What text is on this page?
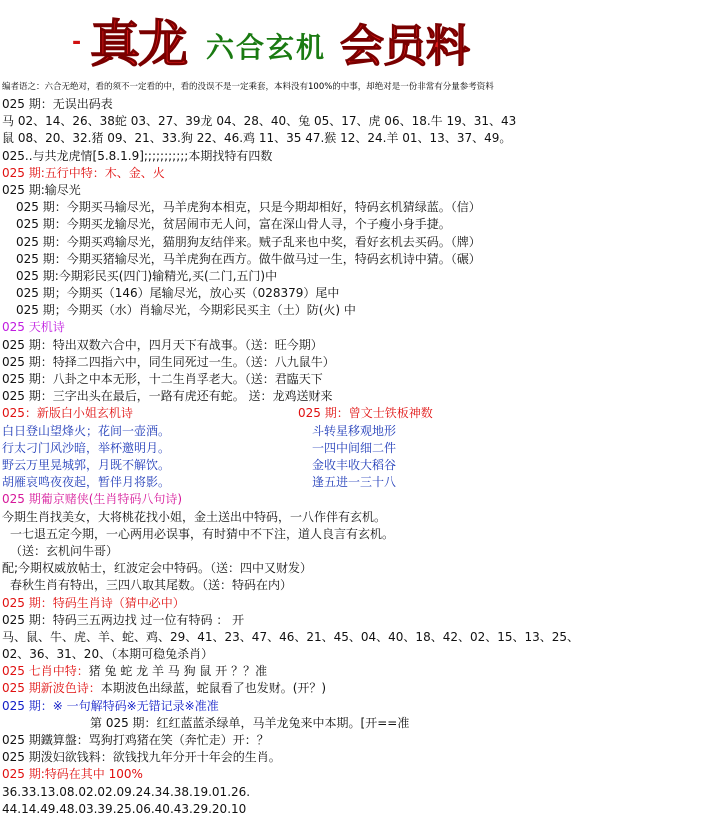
- 真龙 六合玄机 会员料
编者语之：六合无绝对，看的须不一定看的中，看的没误不是一定乘套，本料没有100%的中事，却绝对是一份非常有分量参考资料
025 期：无误出码表
马 02、14、26、38蛇 03、27、39龙 04、28、40、兔 05、17、虎 06、18.牛 19、31、43
鼠 08、20、32.猪 09、21、33.狗 22、46.鸡 11、35 47.猴 12、24.羊 01、13、37、49。
025..与共龙虎情[5.8.1.9];;;;;;;;;;;本期找特有四数
025 期:五行中特：木、金、火
025 期:输尽光
025 期：今期买马输尽光，马羊虎狗本相克，只是今期却相好，特码玄机猜绿蓝。（信）
025 期：今期买龙输尽光，贫居闹市无人问，富在深山骨人寻，个子瘦小身手捷。
025 期：今期买鸡输尽光，猫朋狗友结伴来。贼子乱来也中奖，看好玄机去买码。（牌）
025 期：今期买猪输尽光，马羊虎狗在西方。做牛做马过一生，特码玄机诗中猜。（碾）
025 期:今期彩民买(四门)输精光,买(二门,五门)中
025 期；今期买（146）尾输尽光，放心买（028379）尾中
025 期；今期买（水）肖输尽光，今期彩民买主（土）防(火) 中
025 天机诗
025 期：特出双数六合中，四月天下有战事。（送：旺今期）
025 期：特择二四指六中，同生同死过一生。（送：八九鼠牛）
025 期：八卦之中本无形，十二生肖孚老大。（送：君臨天下
025 期：三字出头在最后，一路有虎还有蛇。 送：龙鸡送财来
025：新版白小姐玄机诗
白日登山望烽火；花间一壶酒。
行太刁门风沙暗，举杯邀明月。
野云万里晃城郭，月既不解饮。
胡雁哀鸣夜夜起，暂伴月将影。
025 期：曾文士铁板神数
斗转星移观地形
一四中间细二件
金收丰收大稻谷
逢五进一三十八
025 期葡京赌侠(生肖特码八句诗)
今期生肖找美女，大将桃花找小姐，金土送出中特码，一八作伴有玄机。
一七退五定今期，一心两用必误事，有时猜中不下注，道人良言有玄机。
（送：玄机问牛哥）
配;今期权威放帖士，红波定会中特码。（送：四中又财发）
春秋生肖有特出，三四八取其尾数。（送：特码在内）
025 期：特码生肖诗（猜中必中）
025 期：特码三五两边找 过一位有特码 ： 开
马、鼠、牛、虎、羊、蛇、鸡、29、41、23、47、46、21、45、04、40、18、42、02、15、13、25、
02、36、31、20、（本期可稳兔杀肖）
025 七肖中特：猪 兔 蛇 龙 羊 马 狗 鼠 开 ？？准
025 期新波色诗：本期波色出绿蓝，蛇鼠看了也发财。(开？)
025 期：※ 一句解特码※无错记录※准准
第 025 期：红红蓝蓝杀绿单，马羊龙兔来中本期。[开==准
025 期鐵算盤：骂狗打鸡猪在笑（奔忙走）开：？
025 期泼妇欲钱料：欲钱找九年分开十年会的生肖。
025 期:特码在其中 100%
36.33.13.08.02.02.09.24.34.38.19.01.26.
44.14.49.48.03.39.25.06.40.43.29.20.10
